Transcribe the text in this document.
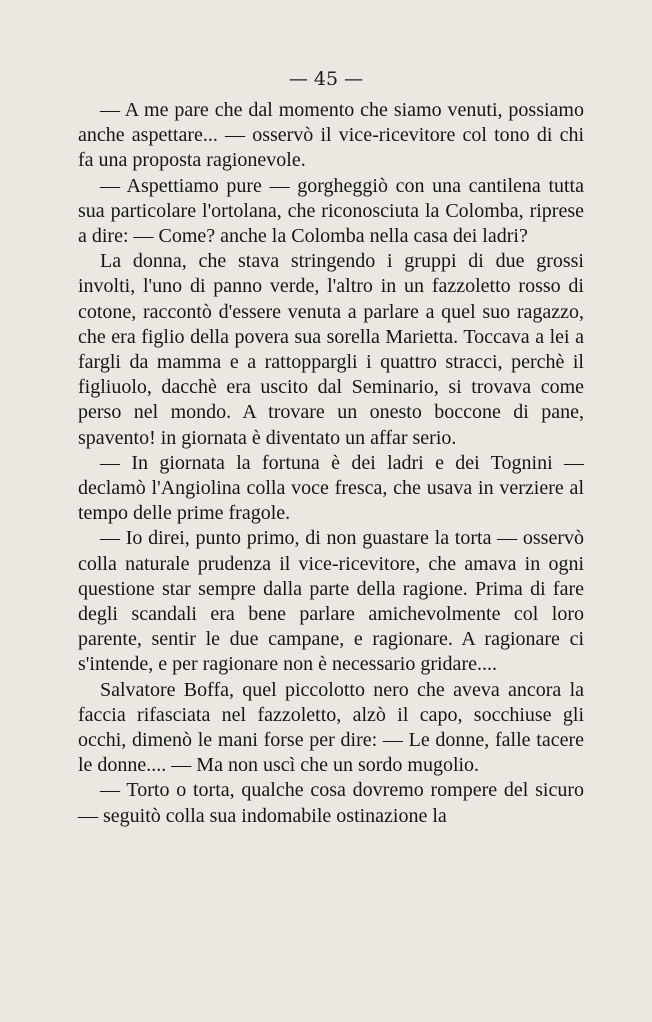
— 45 —

— A me pare che dal momento che siamo venuti, possiamo anche aspettare... — osservò il vice-ricevitore col tono di chi fa una proposta ragionevole.

— Aspettiamo pure — gorgheggiò con una cantilena tutta sua particolare l'ortolana, che riconosciuta la Colomba, riprese a dire: — Come? anche la Colomba nella casa dei ladri?

La donna, che stava stringendo i gruppi di due grossi involti, l'uno di panno verde, l'altro in un fazzoletto rosso di cotone, raccontò d'essere venuta a parlare a quel suo ragazzo, che era figlio della povera sua sorella Marietta. Toccava a lei a fargli da mamma e a rattoppargli i quattro stracci, perchè il figliuolo, dacchè era uscito dal Seminario, si trovava come perso nel mondo. A trovare un onesto boccone di pane, spavento! in giornata è diventato un affar serio.

— In giornata la fortuna è dei ladri e dei Tognini — declamò l'Angiolina colla voce fresca, che usava in verziere al tempo delle prime fragole.

— Io direi, punto primo, di non guastare la torta — osservò colla naturale prudenza il vice-ricevitore, che amava in ogni questione star sempre dalla parte della ragione. Prima di fare degli scandali era bene parlare amichevolmente col loro parente, sentir le due campane, e ragionare. A ragionare ci s'intende, e per ragionare non è necessario gridare....

Salvatore Boffa, quel piccolotto nero che aveva ancora la faccia rifasciata nel fazzoletto, alzò il capo, socchiuse gli occhi, dimenò le mani forse per dire: — Le donne, falle tacere le donne.... — Ma non uscì che un sordo mugolio.

— Torto o torta, qualche cosa dovremo rompere del sicuro — seguitò colla sua indomabile ostinazione la
